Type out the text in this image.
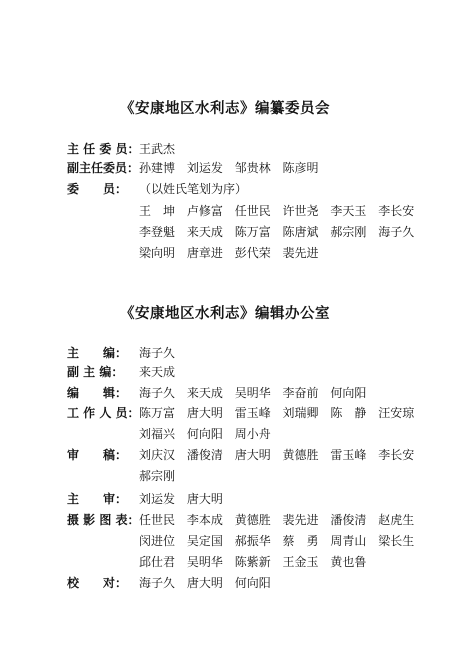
《安康地区水利志》编纂委员会
主 任 委 员： 王武杰
副主任委员： 孙建博 刘运发 邹贵林 陈彦明
委　　员： （以姓氏笔划为序）
王　坤 卢修富 任世民 许世尧 李天玉 李长安
李登魁 来天成 陈万富 陈唐斌 郝宗刚 海子久
梁向明 唐章进 彭代荣 裴先进
《安康地区水利志》编辑办公室
主　　编： 海子久
副 主 编：	来天成
编　　辑： 海子久 来天成 吴明华 李奋前 何向阳
工 作 人 员： 陈万富 唐大明 雷玉峰 刘瑞卿 陈　静 汪安琼
刘福兴 何向阳 周小舟
审　　稿： 刘庆汉 潘俊清 唐大明 黄德胜 雷玉峰 李长安
郝宗刚
主　　审： 刘运发 唐大明
摄 影 图 表： 任世民 李本成 黄德胜 裴先进 潘俊清 赵虎生
闵进位 吴定国 郝振华 蔡　勇 周青山 梁长生
邱仕君 吴明华 陈紫新 王金玉 黄也鲁
校　　对： 海子久 唐大明 何向阳
